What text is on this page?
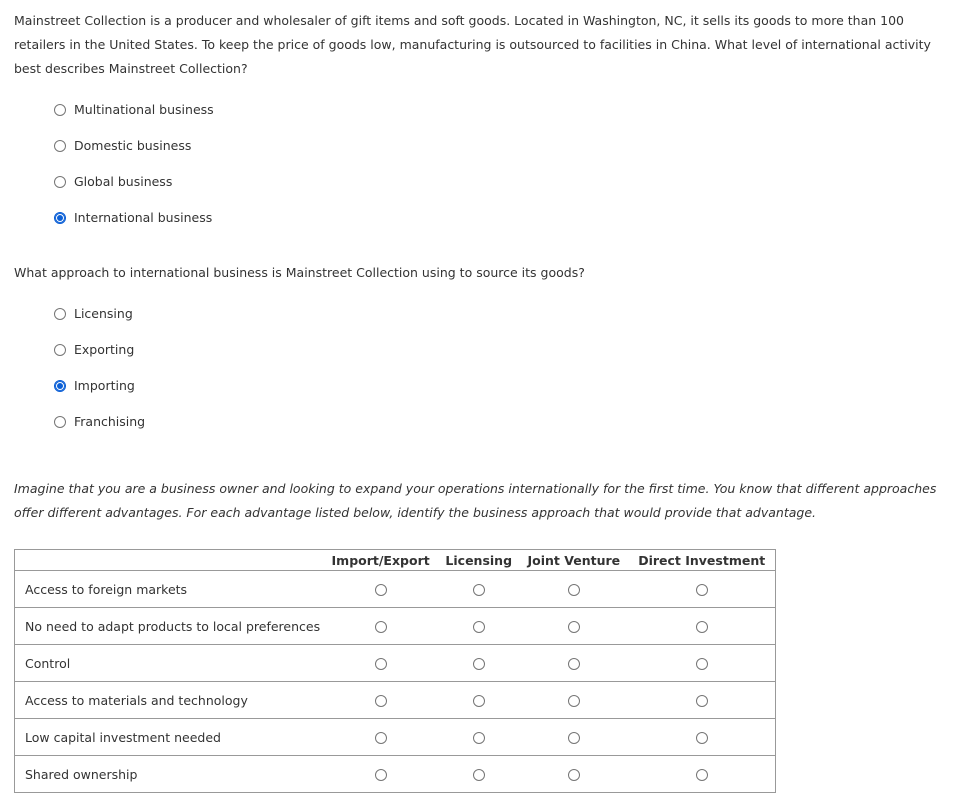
Mainstreet Collection is a producer and wholesaler of gift items and soft goods. Located in Washington, NC, it sells its goods to more than 100 retailers in the United States. To keep the price of goods low, manufacturing is outsourced to facilities in China. What level of international activity best describes Mainstreet Collection?

Multinational business
Domestic business
Global business
International business

What approach to international business is Mainstreet Collection using to source its goods?

Licensing
Exporting
Importing
Franchising

Imagine that you are a business owner and looking to expand your operations internationally for the first time. You know that different approaches offer different advantages. For each advantage listed below, identify the business approach that would provide that advantage.

	Import/Export	Licensing	Joint Venture	Direct Investment
Access to foreign markets				
No need to adapt products to local preferences				
Control				
Access to materials and technology				
Low capital investment needed				
Shared ownership				
